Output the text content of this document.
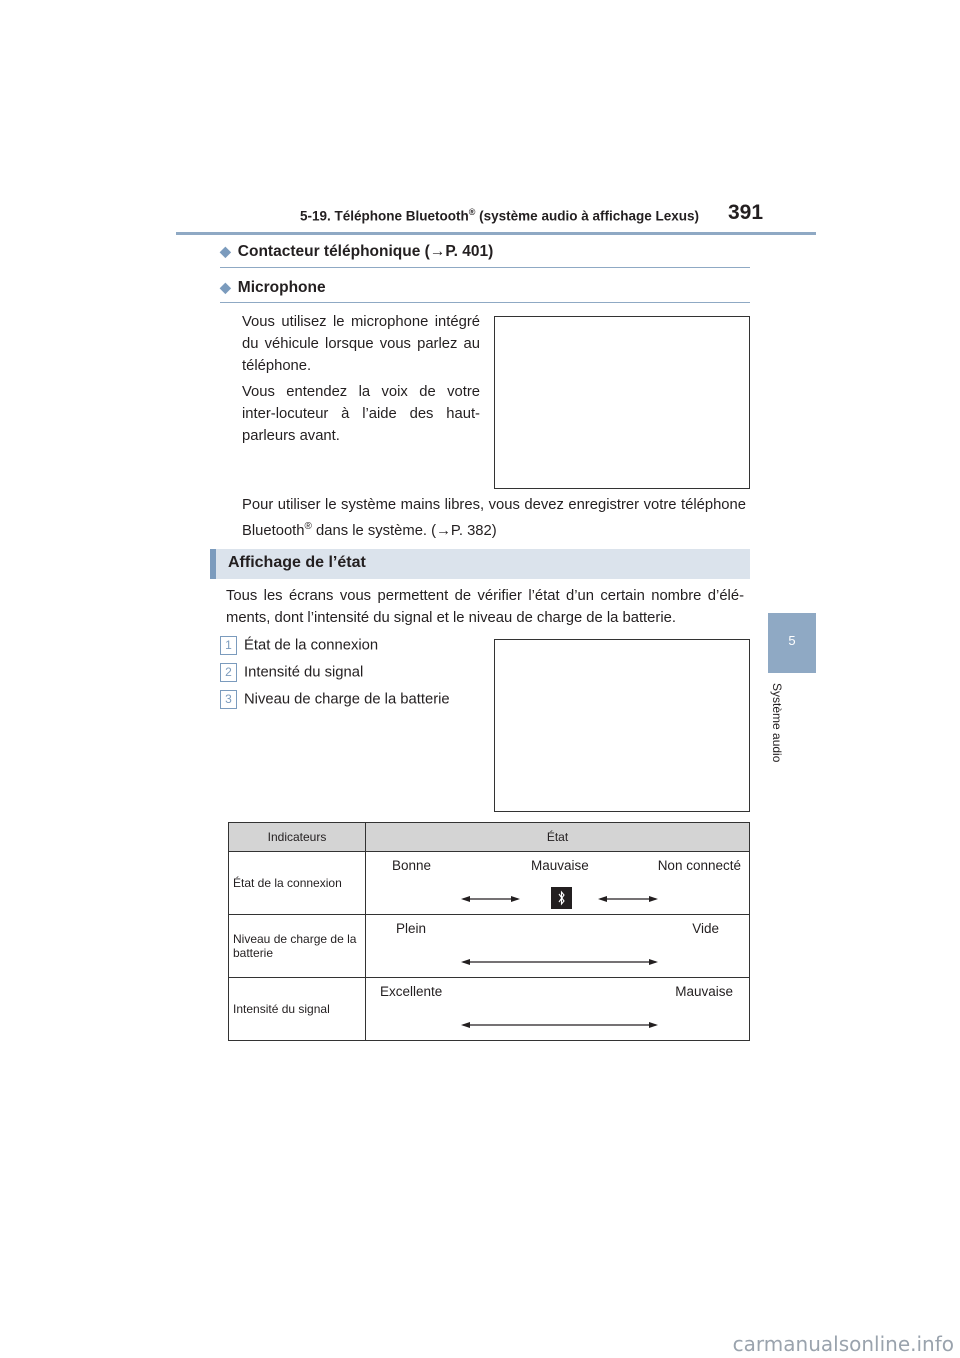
5-19. Téléphone Bluetooth® (système audio à affichage Lexus) 391
5
Système audio
◆ Contacteur téléphonique (→P. 401)
◆ Microphone
Vous utilisez le microphone intégré du véhicule lorsque vous parlez au téléphone.
Vous entendez la voix de votre inter-locuteur à l’aide des haut-parleurs avant.
Pour utiliser le système mains libres, vous devez enregistrer votre téléphone Bluetooth® dans le système. (→P. 382)
Affichage de l’état
Tous les écrans vous permettent de vérifier l’état d’un certain nombre d’élé-ments, dont l’intensité du signal et le niveau de charge de la batterie.
1 État de la connexion
2 Intensité du signal
3 Niveau de charge de la batterie
Indicateurs	État
État de la connexion	Bonne Mauvaise Non connecté

Niveau de charge de la batterie	Plein Vide

Intensité du signal	Excellente Mauvaise
carmanualsonline.info
